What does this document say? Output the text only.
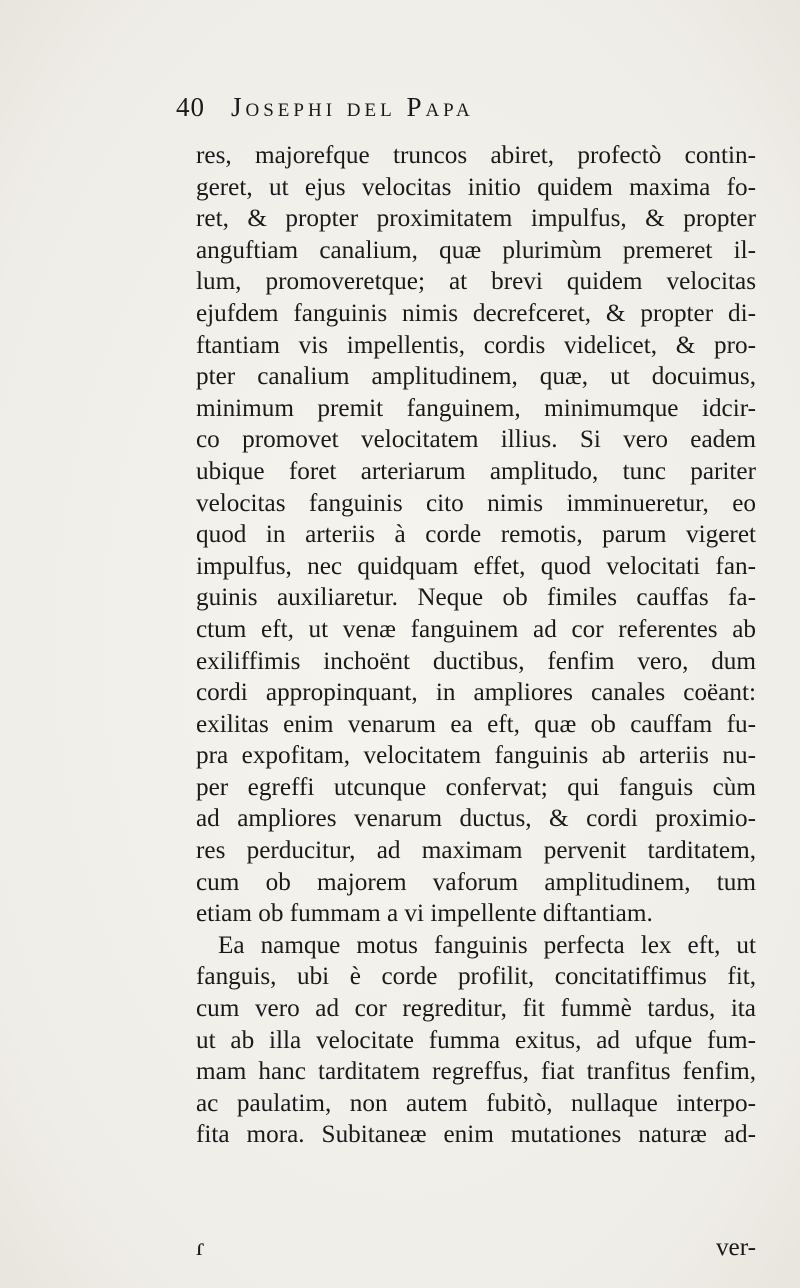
40 Josephi del Papa
res, majorefque truncos abiret, profectò contin-
geret, ut ejus velocitas initio quidem maxima fo-
ret, & propter proximitatem impulfus, & propter
anguftiam canalium, quæ plurimùm premeret il-
lum, promoveretque; at brevi quidem velocitas
ejufdem fanguinis nimis decrefceret, & propter di-
ftantiam vis impellentis, cordis videlicet, & pro-
pter canalium amplitudinem, quæ, ut docuimus,
minimum premit fanguinem, minimumque idcir-
co promovet velocitatem illius. Si vero eadem
ubique foret arteriarum amplitudo, tunc pariter
velocitas fanguinis cito nimis imminueretur, eo
quod in arteriis à corde remotis, parum vigeret
impulfus, nec quidquam effet, quod velocitati fan-
guinis auxiliaretur. Neque ob fimiles cauffas fa-
ctum eft, ut venæ fanguinem ad cor referentes ab
exiliffimis inchoënt ductibus, fenfim vero, dum
cordi appropinquant, in ampliores canales coëant:
exilitas enim venarum ea eft, quæ ob cauffam fu-
pra expofitam, velocitatem fanguinis ab arteriis nu-
per egreffi utcunque confervat; qui fanguis cùm
ad ampliores venarum ductus, & cordi proximio-
res perducitur, ad maximam pervenit tarditatem,
cum ob majorem vaforum amplitudinem, tum
etiam ob fummam a vi impellente diftantiam.
Ea namque motus fanguinis perfecta lex eft, ut
fanguis, ubi è corde profilit, concitatiffimus fit,
cum vero ad cor regreditur, fit fummè tardus, ita
ut ab illa velocitate fumma exitus, ad ufque fum-
mam hanc tarditatem regreffus, fiat tranfitus fenfim,
ac paulatim, non autem fubitò, nullaque interpo-
fita mora. Subitaneæ enim mutationes naturæ ad-
ɾ	ver-
